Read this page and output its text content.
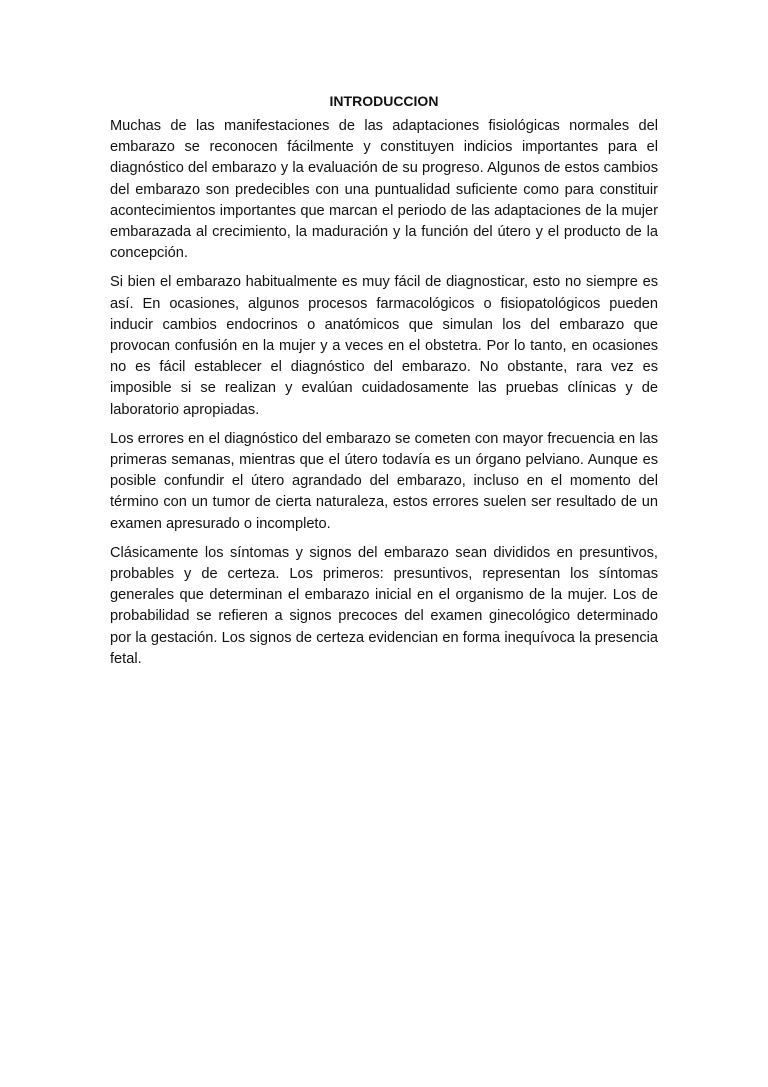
INTRODUCCION

Muchas de las manifestaciones de las adaptaciones fisiológicas normales del embarazo se reconocen fácilmente y constituyen indicios importantes para el diagnóstico del embarazo y la evaluación de su progreso. Algunos de estos cambios del embarazo son predecibles con una puntualidad suficiente como para constituir acontecimientos importantes que marcan el periodo de las adaptaciones de la mujer embarazada al crecimiento, la maduración y la función del útero y el producto de la concepción.

Si bien el embarazo habitualmente es muy fácil de diagnosticar, esto no siempre es así. En ocasiones, algunos procesos farmacológicos o fisiopatológicos pueden inducir cambios endocrinos o anatómicos que simulan los del embarazo que provocan confusión en la mujer y a veces en el obstetra. Por lo tanto, en ocasiones no es fácil establecer el diagnóstico del embarazo. No obstante, rara vez es imposible si se realizan y evalúan cuidadosamente las pruebas clínicas y de laboratorio apropiadas.

Los errores en el diagnóstico del embarazo se cometen con mayor frecuencia en las primeras semanas, mientras que el útero todavía es un órgano pelviano. Aunque es posible confundir el útero agrandado del embarazo, incluso en el momento del término con un tumor de cierta naturaleza, estos errores suelen ser resultado de un examen apresurado o incompleto.

Clásicamente los síntomas y signos del embarazo sean divididos en presuntivos, probables y de certeza. Los primeros: presuntivos, representan los síntomas generales que determinan el embarazo inicial en el organismo de la mujer. Los de probabilidad se refieren a signos precoces del examen ginecológico determinado por la gestación. Los signos de certeza evidencian en forma inequívoca la presencia fetal.
